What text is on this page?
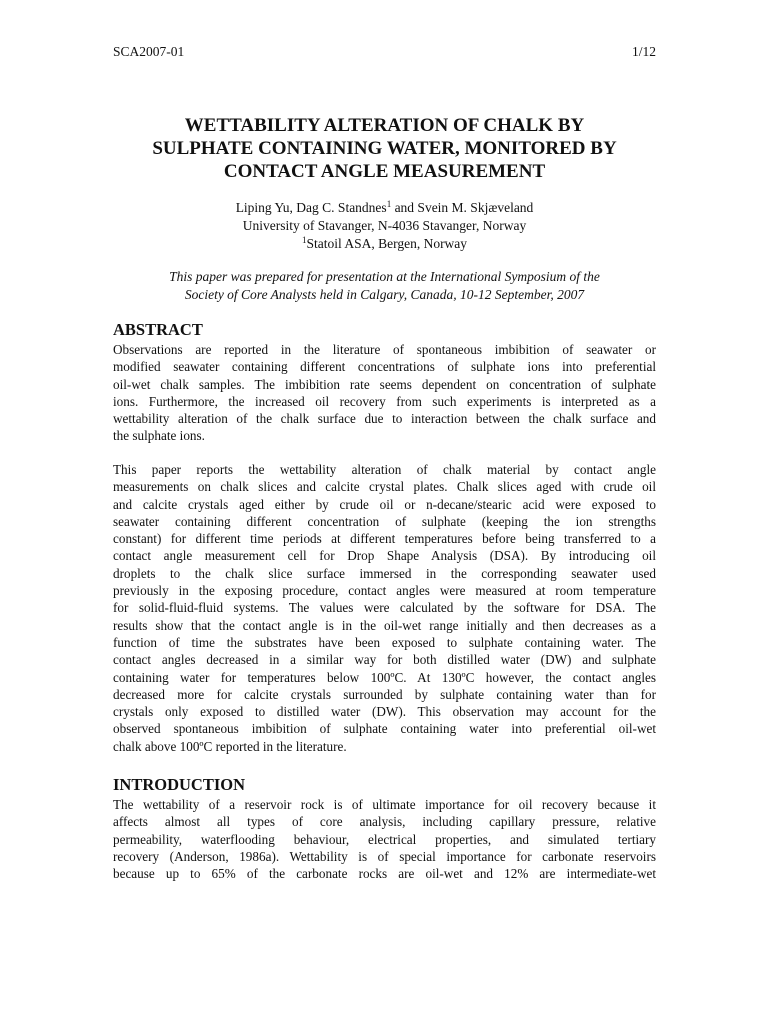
SCA2007-01	1/12
WETTABILITY ALTERATION OF CHALK BY
SULPHATE CONTAINING WATER, MONITORED BY
CONTACT ANGLE MEASUREMENT
Liping Yu, Dag C. Standnes$^1$ and Svein M. Skjæveland
University of Stavanger, N-4036 Stavanger, Norway
$^1$Statoil ASA, Bergen, Norway
This paper was prepared for presentation at the International Symposium of the
Society of Core Analysts held in Calgary, Canada, 10-12 September, 2007
ABSTRACT
Observations are reported in the literature of spontaneous imbibition of seawater or
modified seawater containing different concentrations of sulphate ions into preferential
oil-wet chalk samples. The imbibition rate seems dependent on concentration of sulphate
ions. Furthermore, the increased oil recovery from such experiments is interpreted as a
wettability alteration of the chalk surface due to interaction between the chalk surface and
the sulphate ions.
This paper reports the wettability alteration of chalk material by contact angle
measurements on chalk slices and calcite crystal plates. Chalk slices aged with crude oil
and calcite crystals aged either by crude oil or n-decane/stearic acid were exposed to
seawater containing different concentration of sulphate (keeping the ion strengths
constant) for different time periods at different temperatures before being transferred to a
contact angle measurement cell for Drop Shape Analysis (DSA). By introducing oil
droplets to the chalk slice surface immersed in the corresponding seawater used
previously in the exposing procedure, contact angles were measured at room temperature
for solid-fluid-fluid systems. The values were calculated by the software for DSA. The
results show that the contact angle is in the oil-wet range initially and then decreases as a
function of time the substrates have been exposed to sulphate containing water. The
contact angles decreased in a similar way for both distilled water (DW) and sulphate
containing water for temperatures below 100ºC. At 130ºC however, the contact angles
decreased more for calcite crystals surrounded by sulphate containing water than for
crystals only exposed to distilled water (DW). This observation may account for the
observed spontaneous imbibition of sulphate containing water into preferential oil-wet
chalk above 100ºC reported in the literature.
INTRODUCTION
The wettability of a reservoir rock is of ultimate importance for oil recovery because it
affects almost all types of core analysis, including capillary pressure, relative
permeability, waterflooding behaviour, electrical properties, and simulated tertiary
recovery (Anderson, 1986a). Wettability is of special importance for carbonate reservoirs
because up to 65% of the carbonate rocks are oil-wet and 12% are intermediate-wet
